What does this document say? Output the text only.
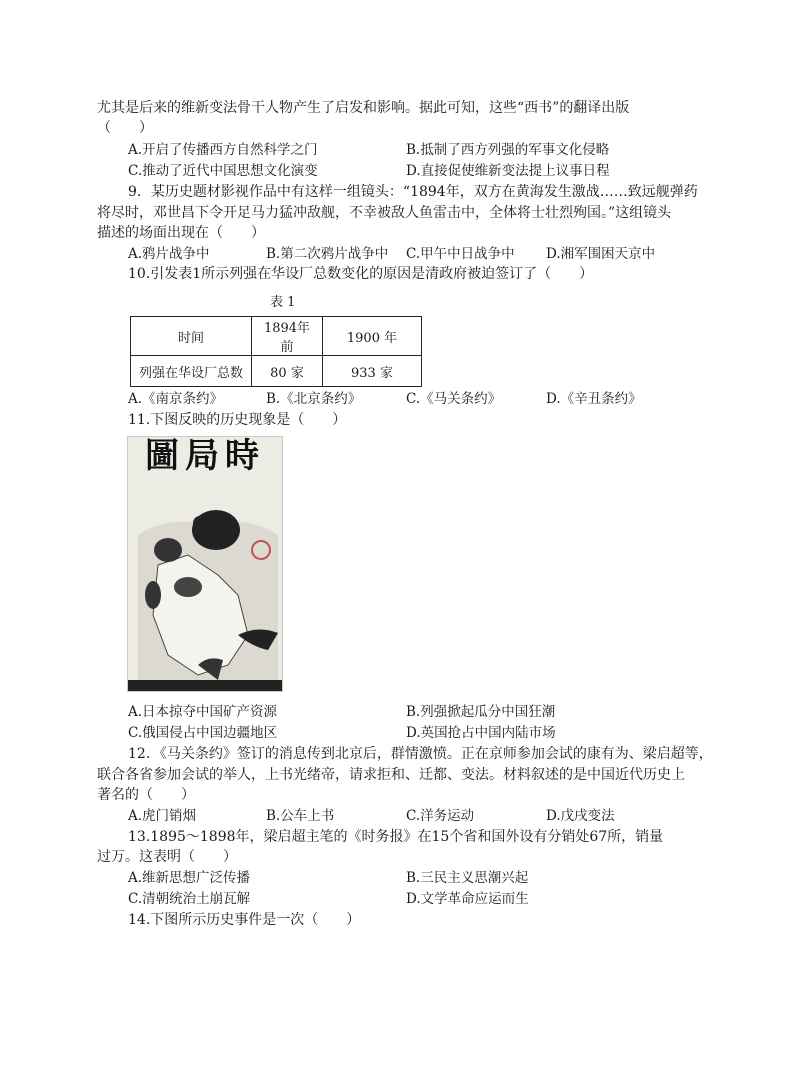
尤其是后来的维新变法骨干人物产生了启发和影响。据此可知，这些“西书”的翻译出版
（　　）
A.开启了传播西方自然科学之门	B.抵制了西方列强的军事文化侵略
C.推动了近代中国思想文化演变	D.直接促使维新变法提上议事日程
9．某历史题材影视作品中有这样一组镜头：“1894年，双方在黄海发生激战……致远舰弹药
将尽时，邓世昌下令开足马力猛冲敌舰，不幸被敌人鱼雷击中，全体将士壮烈殉国。”这组镜头
描述的场面出现在（　　）
A.鸦片战争中	B.第二次鸦片战争中 C.甲午中日战争中 D.湘军围困天京中
10.引发表1所示列强在华设厂总数变化的原因是清政府被迫签订了（　　）
表 1
时间	1894年前	1900 年
列强在华设厂总数	80 家	933 家
A.《南京条约》	B.《北京条约》	C.《马关条约》	D.《辛丑条约》
11.下图反映的历史现象是（　　）
圖局時
A.日本掠夺中国矿产资源	B.列强掀起瓜分中国狂潮
C.俄国侵占中国边疆地区	D.英国抢占中国内陆市场
12．《马关条约》签订的消息传到北京后，群情激愤。正在京师参加会试的康有为、梁启超等，
联合各省参加会试的举人，上书光绪帝，请求拒和、迁都、变法。材料叙述的是中国近代历史上
著名的（　　）
A.虎门销烟	B.公车上书	C.洋务运动	D.戊戌变法
13.1895～1898年，梁启超主笔的《时务报》在15个省和国外设有分销处67所，销量
过万。这表明（　　）
A.维新思想广泛传播	B.三民主义思潮兴起
C.清朝统治土崩瓦解	D.文学革命应运而生
14.下图所示历史事件是一次（　　）
